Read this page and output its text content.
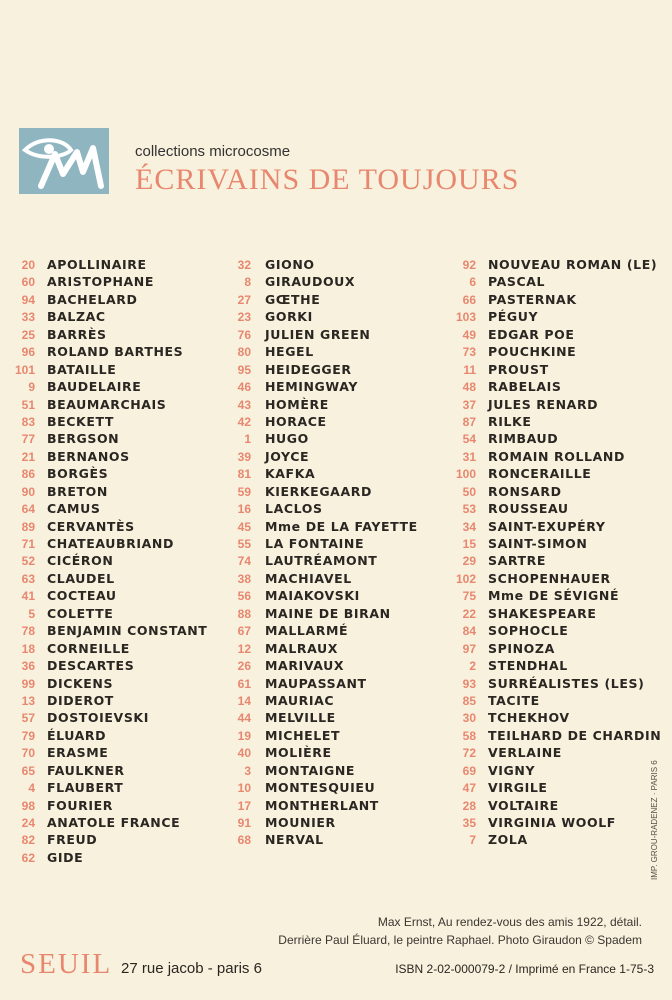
collections microcosme
ÉCRIVAINS DE TOUJOURS
20 APOLLINAIRE
60 ARISTOPHANE
94 BACHELARD
33 BALZAC
25 BARRÈS
96 ROLAND BARTHES
101 BATAILLE
9 BAUDELAIRE
51 BEAUMARCHAIS
83 BECKETT
77 BERGSON
21 BERNANOS
86 BORGÈS
90 BRETON
64 CAMUS
89 CERVANTÈS
71 CHATEAUBRIAND
52 CICÉRON
63 CLAUDEL
41 COCTEAU
5 COLETTE
78 BENJAMIN CONSTANT
18 CORNEILLE
36 DESCARTES
99 DICKENS
13 DIDEROT
57 DOSTOIEVSKI
79 ÉLUARD
70 ERASME
65 FAULKNER
4 FLAUBERT
98 FOURIER
24 ANATOLE FRANCE
82 FREUD
62 GIDE
32 GIONO
8 GIRAUDOUX
27 GŒTHE
23 GORKI
76 JULIEN GREEN
80 HEGEL
95 HEIDEGGER
46 HEMINGWAY
43 HOMÈRE
42 HORACE
1 HUGO
39 JOYCE
81 KAFKA
59 KIERKEGAARD
16 LACLOS
45 Mme DE LA FAYETTE
55 LA FONTAINE
74 LAUTRÉAMONT
38 MACHIAVEL
56 MAIAKOVSKI
88 MAINE DE BIRAN
67 MALLARMÉ
12 MALRAUX
26 MARIVAUX
61 MAUPASSANT
14 MAURIAC
44 MELVILLE
19 MICHELET
40 MOLIÈRE
3 MONTAIGNE
10 MONTESQUIEU
17 MONTHERLANT
91 MOUNIER
68 NERVAL
92 NOUVEAU ROMAN (LE)
6 PASCAL
66 PASTERNAK
103 PÉGUY
49 EDGAR POE
73 POUCHKINE
11 PROUST
48 RABELAIS
37 JULES RENARD
87 RILKE
54 RIMBAUD
31 ROMAIN ROLLAND
100 RONCERAILLE
50 RONSARD
53 ROUSSEAU
34 SAINT-EXUPÉRY
15 SAINT-SIMON
29 SARTRE
102 SCHOPENHAUER
75 Mme DE SÉVIGNÉ
22 SHAKESPEARE
84 SOPHOCLE
97 SPINOZA
2 STENDHAL
93 SURRÉALISTES (LES)
85 TACITE
30 TCHEKHOV
58 TEILHARD DE CHARDIN
72 VERLAINE
69 VIGNY
47 VIRGILE
28 VOLTAIRE
35 VIRGINIA WOOLF
7 ZOLA
Max Ernst, Au rendez-vous des amis 1922, détail.
Derrière Paul Éluard, le peintre Raphael. Photo Giraudon © Spadem
SEUIL 27 rue jacob - paris 6	ISBN 2-02-000079-2 / Imprimé en France 1-75-3
IMP. GROU-RADENEZ · PARIS 6
